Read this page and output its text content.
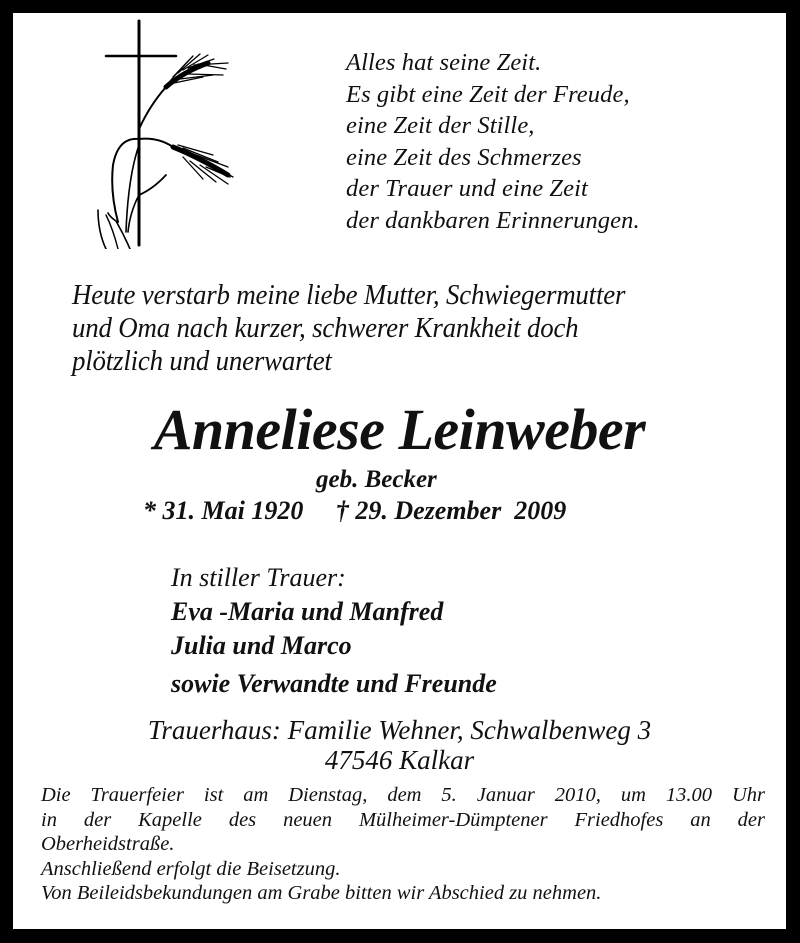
Alles hat seine Zeit.
Es gibt eine Zeit der Freude,
eine Zeit der Stille,
eine Zeit des Schmerzes
der Trauer und eine Zeit
der dankbaren Erinnerungen.
Heute verstarb meine liebe Mutter, Schwiegermutter
und Oma nach kurzer, schwerer Krankheit doch
plötzlich und unerwartet
Anneliese Leinweber
geb. Becker
* 31. Mai 1920     † 29. Dezember  2009
In stiller Trauer:
Eva -Maria und Manfred
Julia und Marco
sowie Verwandte und Freunde
Trauerhaus: Familie Wehner, Schwalbenweg 3
47546 Kalkar
Die Trauerfeier ist am Dienstag, dem 5. Januar 2010, um 13.00 Uhr
in der Kapelle des neuen Mülheimer-Dümptener Friedhofes an der
Oberheidstraße.
Anschließend erfolgt die Beisetzung.
Von Beileidsbekundungen am Grabe bitten wir Abschied zu nehmen.
